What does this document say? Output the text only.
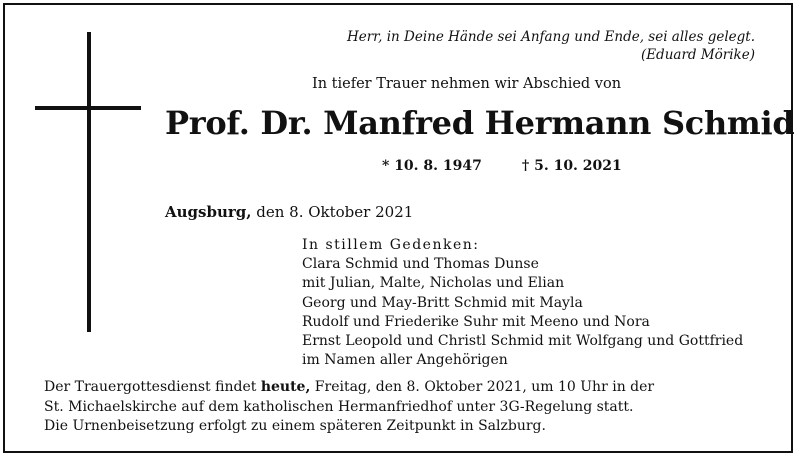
Herr, in Deine Hände sei Anfang und Ende, sei alles gelegt.
(Eduard Mörike)
In tiefer Trauer nehmen wir Abschied von
Prof. Dr. Manfred Hermann Schmid
* 10. 8. 1947	† 5. 10. 2021
Augsburg, den 8. Oktober 2021
In stillem Gedenken:
Clara Schmid und Thomas Dunse
mit Julian, Malte, Nicholas und Elian
Georg und May-Britt Schmid mit Mayla
Rudolf und Friederike Suhr mit Meeno und Nora
Ernst Leopold und Christl Schmid mit Wolfgang und Gottfried
im Namen aller Angehörigen
Der Trauergottesdienst findet heute, Freitag, den 8. Oktober 2021, um 10 Uhr in der
St. Michaelskirche auf dem katholischen Hermanfriedhof unter 3G-Regelung statt.
Die Urnenbeisetzung erfolgt zu einem späteren Zeitpunkt in Salzburg.
